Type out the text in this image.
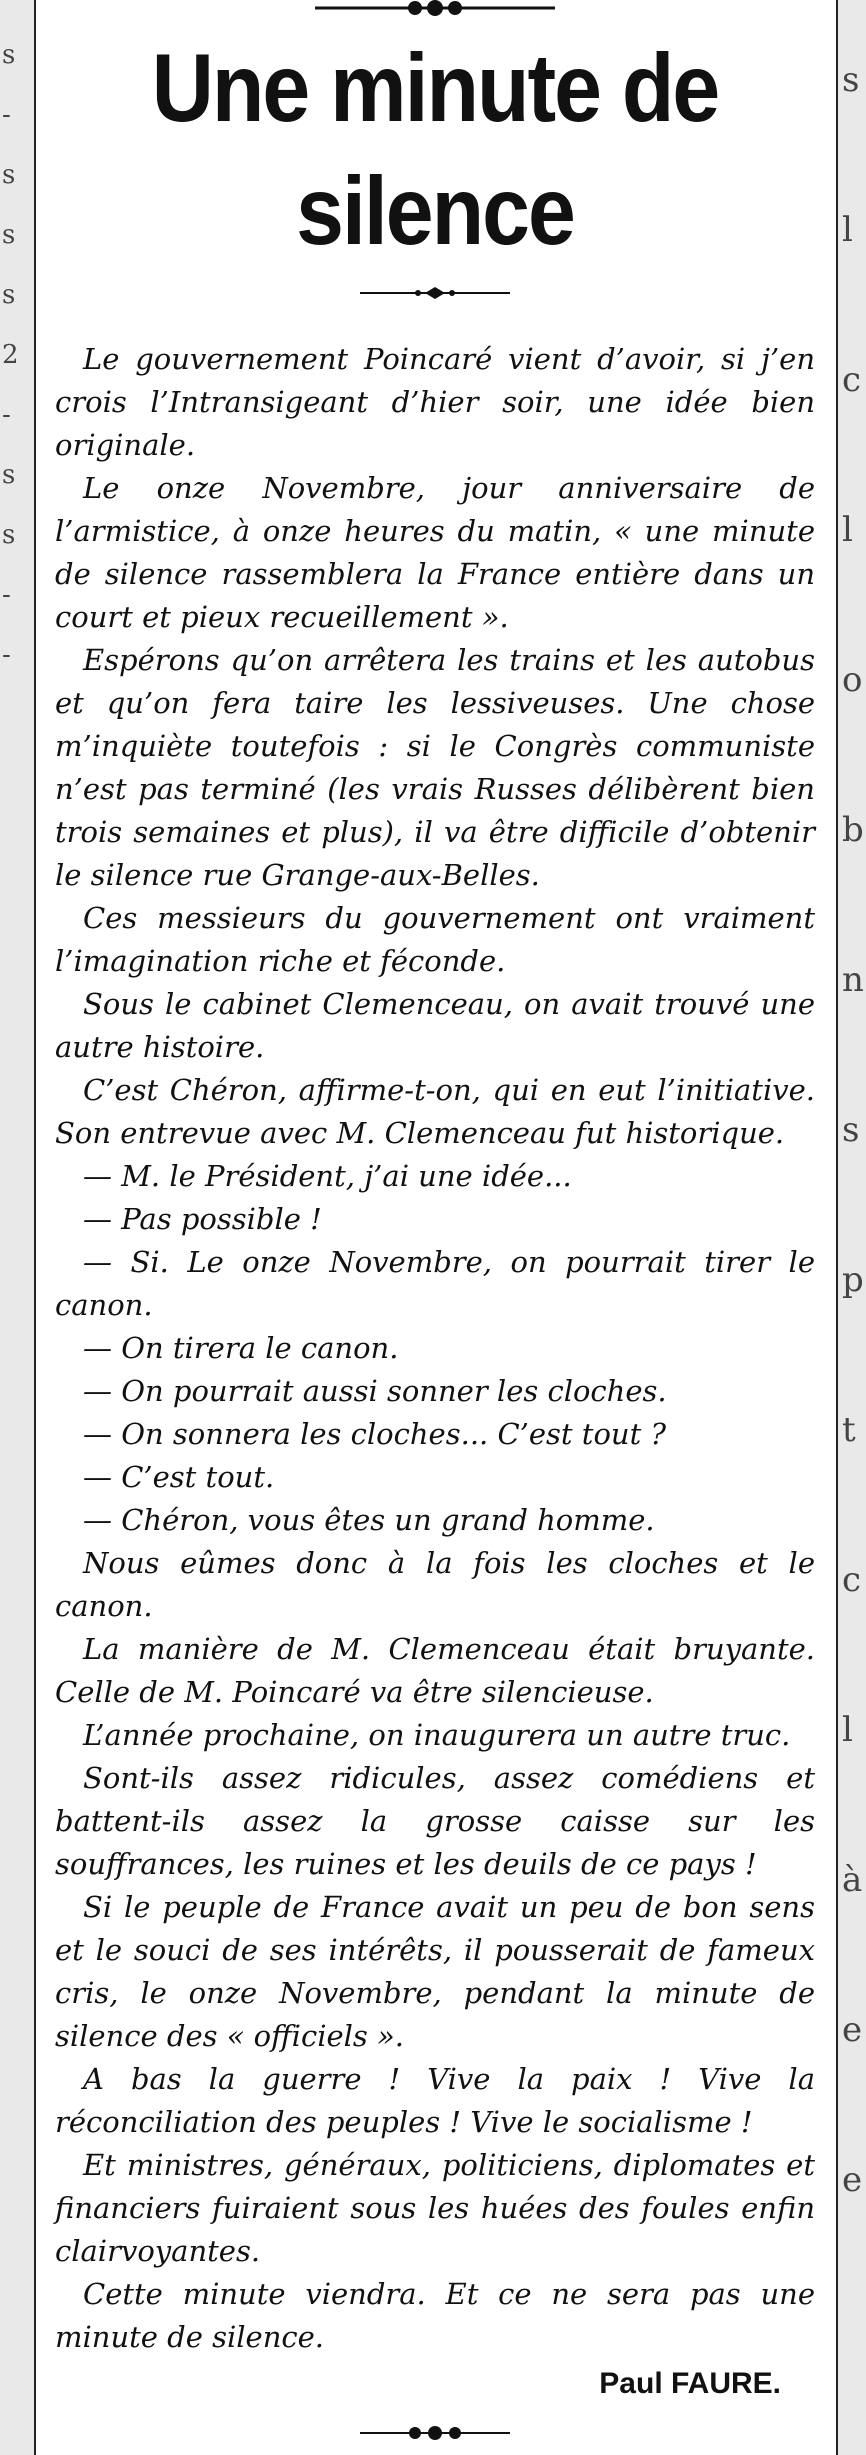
s
-
s
s
s
2
-
s
s
-
-
s
l
c
l
o
b
n
s
p
t
c
l
à
e
e
Une minute de silence

Le gouvernement Poincaré vient d’avoir, si j’en crois l’Intransigeant d’hier soir, une idée bien originale.

Le onze Novembre, jour anniversaire de l’armistice, à onze heures du matin, « une minute de silence rassemblera la France entière dans un court et pieux recueillement ».

Espérons qu’on arrêtera les trains et les autobus et qu’on fera taire les lessiveuses. Une chose m’inquiète toutefois : si le Congrès communiste n’est pas terminé (les vrais Russes délibèrent bien trois semaines et plus), il va être difficile d’obtenir le silence rue Grange-aux-Belles.

Ces messieurs du gouvernement ont vraiment l’imagination riche et féconde.

Sous le cabinet Clemenceau, on avait trouvé une autre histoire.

C’est Chéron, affirme-t-on, qui en eut l’initiative. Son entrevue avec M. Clemenceau fut historique.

— M. le Président, j’ai une idée...

— Pas possible !

— Si. Le onze Novembre, on pourrait tirer le canon.

— On tirera le canon.

— On pourrait aussi sonner les cloches.

— On sonnera les cloches... C’est tout ?

— C’est tout.

— Chéron, vous êtes un grand homme.

Nous eûmes donc à la fois les cloches et le canon.

La manière de M. Clemenceau était bruyante. Celle de M. Poincaré va être silencieuse.

L’année prochaine, on inaugurera un autre truc.

Sont-ils assez ridicules, assez comédiens et battent-ils assez la grosse caisse sur les souffrances, les ruines et les deuils de ce pays !

Si le peuple de France avait un peu de bon sens et le souci de ses intérêts, il pousserait de fameux cris, le onze Novembre, pendant la minute de silence des « officiels ».

A bas la guerre ! Vive la paix ! Vive la réconciliation des peuples ! Vive le socialisme !

Et ministres, généraux, politiciens, diplomates et financiers fuiraient sous les huées des foules enfin clairvoyantes.

Cette minute viendra. Et ce ne sera pas une minute de silence.

Paul FAURE.
